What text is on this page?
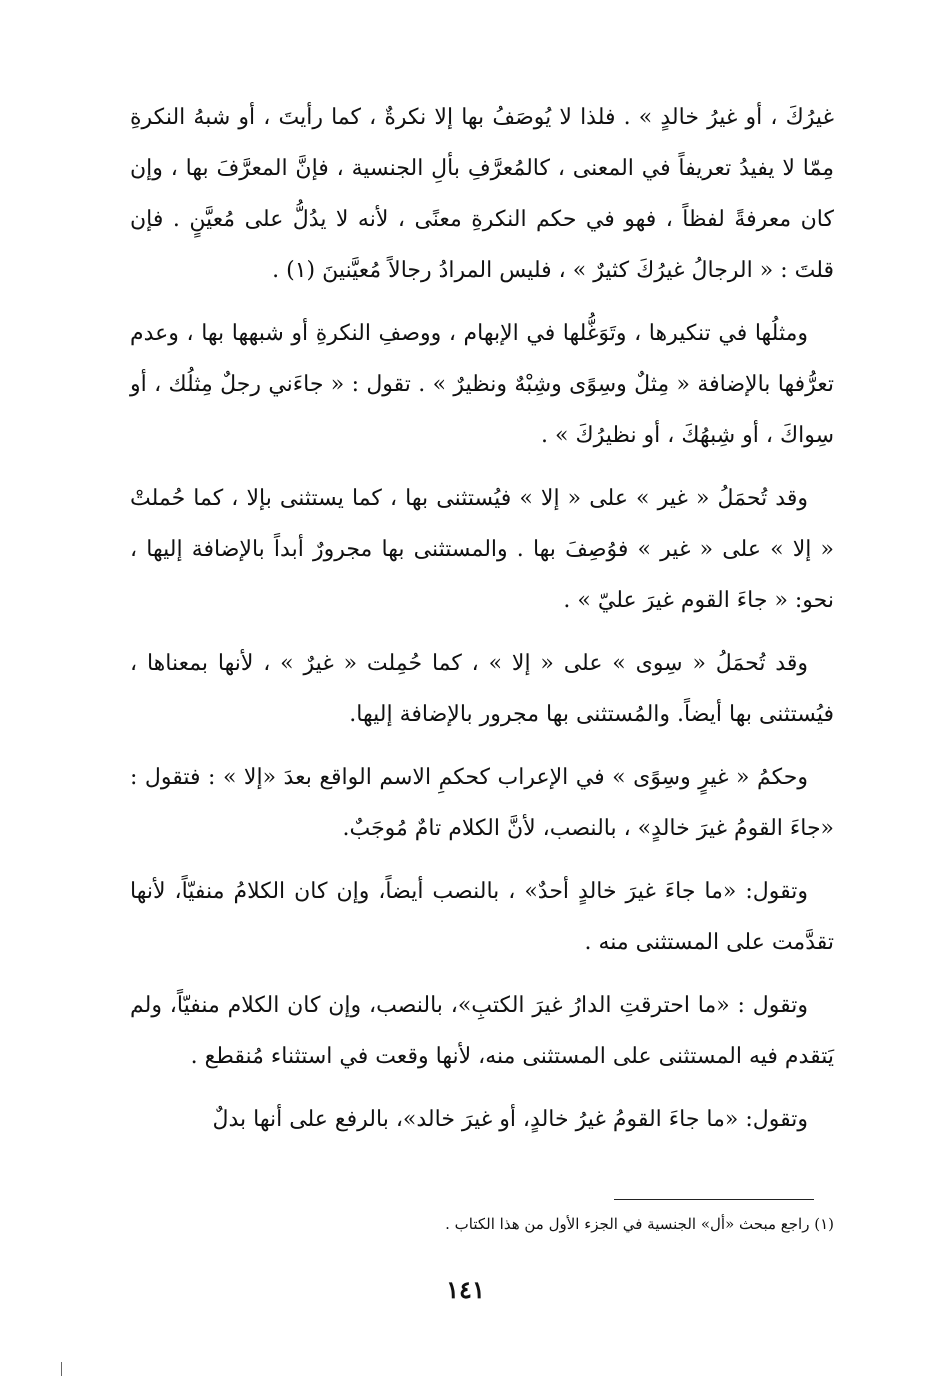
غيرُكَ ، أو غيرُ خالدٍ » . فلذا لا يُوصَفُ بها إلا نكرةٌ ، كما رأيتَ ، أو شبهُ النكرةِ مِمّا لا يفيدُ تعريفاً في المعنى ، كالمُعرَّفِ بألِ الجنسية ، فإنَّ المعرَّفَ بها ، وإن كان معرفةً لفظاً ، فهو في حكم النكرةِ معنًى ، لأنه لا يدُلُّ على مُعيَّنٍ . فإن قلتَ : « الرجالُ غيرُكَ كثيرٌ » ، فليس المرادُ رجالاً مُعيَّنينَ (١) .

ومثلُها في تنكيرها ، وتَوَغُّلها في الإبهام ، ووصفِ النكرةِ أو شبهها بها ، وعدم تعرُّفها بالإضافة « مِثلٌ وسِوًى وشِبْهٌ ونظيرٌ » . تقول : « جاءَني رجلٌ مِثلُك ، أو سِواكَ ، أو شِبهُكَ ، أو نظيرُكَ » .

وقد تُحمَلُ « غير » على « إلا » فيُستثنى بها ، كما يستثنى بإلا ، كما حُملتْ « إلا » على « غير » فوُصِفَ بها . والمستثنى بها مجرورٌ أبداً بالإضافة إليها ، نحو: « جاءَ القوم غيرَ عليّ » .

وقد تُحمَلُ « سِوى » على « إلا » ، كما حُمِلت « غيرٌ » ، لأنها بمعناها ، فيُستثنى بها أيضاً. والمُستثنى بها مجرور بالإضافة إليها.

وحكمُ « غيرٍ وسِوًى » في الإعراب كحكمِ الاسم الواقع بعدَ «إلا » : فتقول : «جاءَ القومُ غيرَ خالدٍ» ، بالنصب، لأنَّ الكلام تامٌ مُوجَبٌ.

وتقول: «ما جاءَ غيرَ خالدٍ أحدٌ» ، بالنصب أيضاً، وإن كان الكلامُ منفيّاً، لأنها تقدَّمت على المستثنى منه .

وتقول : «ما احترقتِ الدارُ غيرَ الكتبِ»، بالنصب، وإن كان الكلام منفيّاً، ولم يَتقدم فيه المستثنى على المستثنى منه، لأنها وقعت في استثناء مُنقطع .

وتقول: «ما جاءَ القومُ غيرُ خالدٍ، أو غيرَ خالد»، بالرفع على أنها بدلٌ

(١) راجع مبحث «أل» الجنسية في الجزء الأول من هذا الكتاب .
١٤١
